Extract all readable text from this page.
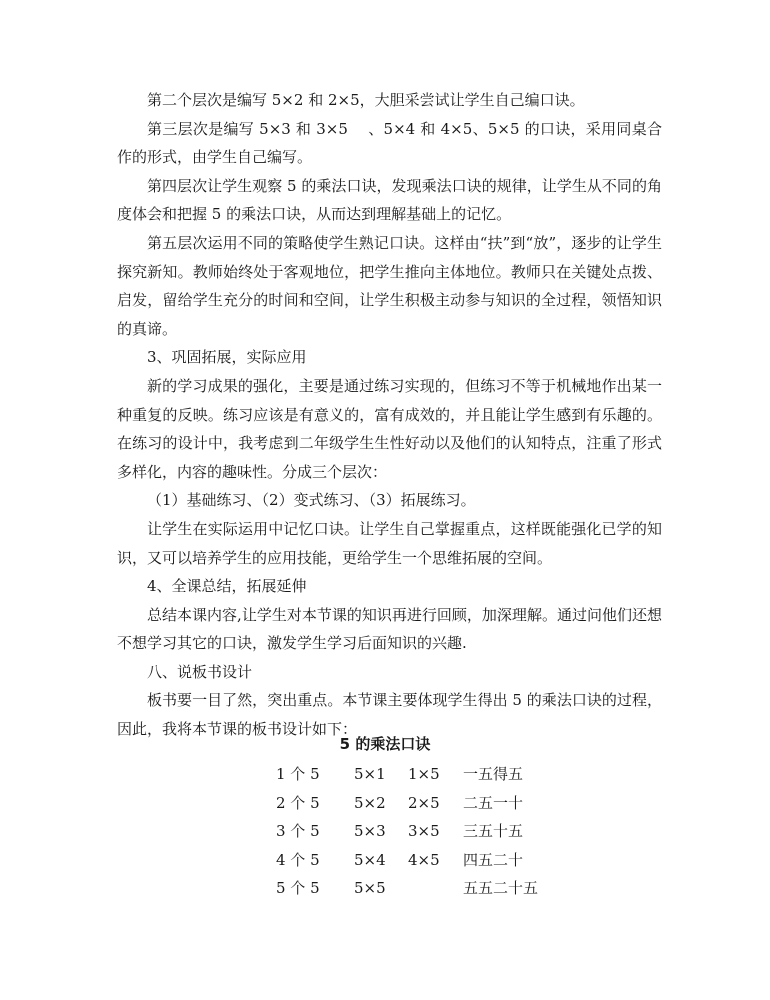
第二个层次是编写 5×2 和 2×5，大胆采尝试让学生自己编口诀。

第三层次是编写 5×3 和 3×5 　、5×4 和 4×5、5×5 的口诀，采用同桌合作的形式，由学生自己编写。

第四层次让学生观察 5 的乘法口诀，发现乘法口诀的规律，让学生从不同的角度体会和把握 5 的乘法口诀，从而达到理解基础上的记忆。

第五层次运用不同的策略使学生熟记口诀。这样由“扶”到“放”，逐步的让学生探究新知。教师始终处于客观地位，把学生推向主体地位。教师只在关键处点拨、启发，留给学生充分的时间和空间，让学生积极主动参与知识的全过程，领悟知识的真谛。

3、巩固拓展，实际应用

新的学习成果的强化，主要是通过练习实现的，但练习不等于机械地作出某一种重复的反映。练习应该是有意义的，富有成效的，并且能让学生感到有乐趣的。在练习的设计中，我考虑到二年级学生生性好动以及他们的认知特点，注重了形式多样化，内容的趣味性。分成三个层次：

（1）基础练习、（2）变式练习、（3）拓展练习。

让学生在实际运用中记忆口诀。让学生自己掌握重点，这样既能强化已学的知识，又可以培养学生的应用技能，更给学生一个思维拓展的空间。

4、全课总结，拓展延伸

总结本课内容,让学生对本节课的知识再进行回顾，加深理解。通过问他们还想不想学习其它的口诀，激发学生学习后面知识的兴趣.

八、说板书设计

板书要一目了然，突出重点。本节课主要体现学生得出 5 的乘法口诀的过程，因此，我将本节课的板书设计如下：

5 的乘法口诀
1 个 5 5×1 1×5 一五得五
2 个 5 5×2 2×5 二五一十
3 个 5 5×3 3×5 三五十五
4 个 5 5×4 4×5 四五二十
5 个 5 5×5	五五二十五
